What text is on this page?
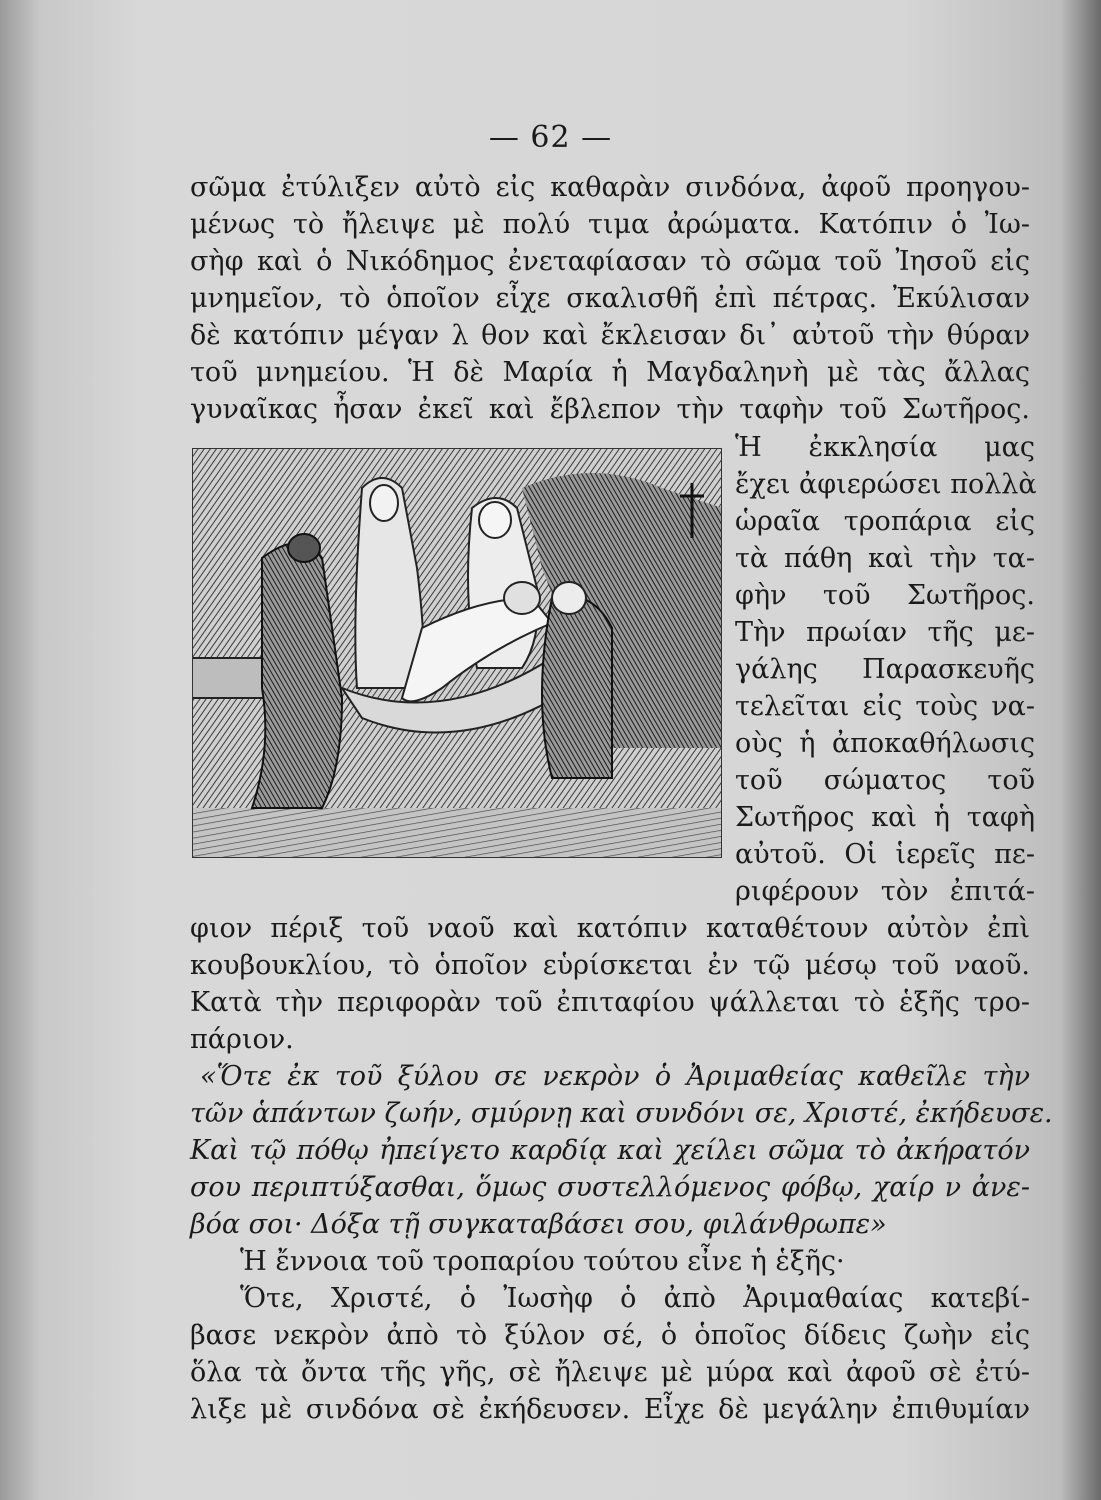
— 62 —
σῶμα ἐτύλιξεν αὐτὸ εἰς καθαρὰν σινδόνα, ἀφοῦ προηγου-
μένως τὸ ἤλειψε μὲ πολύ τιμα ἀρώματα. Κατόπιν ὁ Ἰω-
σὴφ καὶ ὁ Νικόδημος ἐνεταφίασαν τὸ σῶμα τοῦ Ἰησοῦ εἰς
μνημεῖον, τὸ ὁποῖον εἶχε σκαλισθῆ ἐπὶ πέτρας. Ἐκύλισαν
δὲ κατόπιν μέγαν λ θον καὶ ἔκλεισαν δι᾿ αὐτοῦ τὴν θύραν
τοῦ μνημείου. Ἡ δὲ Μαρία ἡ Μαγδαληνὴ μὲ τὰς ἄλλας
γυναῖκας ἦσαν ἐκεῖ καὶ ἔβλεπον τὴν ταφὴν τοῦ Σωτῆρος.
Ἡ ἐκκλησία μας
ἔχει ἀφιερώσει πολλὰ
ὡραῖα τροπάρια εἰς
τὰ πάθη καὶ τὴν τα-
φὴν τοῦ Σωτῆρος.
Τὴν πρωίαν τῆς με-
γάλης Παρασκευῆς
τελεῖται εἰς τοὺς να-
οὺς ἡ ἀποκαθήλωσις
τοῦ σώματος τοῦ
Σωτῆρος καὶ ἡ ταφὴ
αὐτοῦ. Οἱ ἱερεῖς πε-
ριφέρουν τὸν ἐπιτά-
φιον πέριξ τοῦ ναοῦ καὶ κατόπιν καταθέτουν αὐτὸν ἐπὶ
κουβουκλίου, τὸ ὁποῖον εὑρίσκεται ἐν τῷ μέσῳ τοῦ ναοῦ.
Κατὰ τὴν περιφορὰν τοῦ ἐπιταφίου ψάλλεται τὸ ἑξῆς τρο-
πάριον.
«Ὅτε ἐκ τοῦ ξύλου σε νεκρὸν ὁ Ἀριμαθείας καθεῖλε τὴν
τῶν ἁπάντων ζωήν, σμύρνῃ καὶ συνδόνι σε, Χριστέ, ἐκήδευσε.
Καὶ τῷ πόθῳ ἠπείγετο καρδίᾳ καὶ χείλει σῶμα τὸ ἀκήρατόν
σου περιπτύξασθαι, ὅμως συστελλόμενος φόβῳ, χαίρ ν ἀνε-
βόα σοι· Δόξα τῇ συγκαταβάσει σου, φιλάνθρωπε»
Ἡ ἔννοια τοῦ τροπαρίου τούτου εἶνε ἡ ἑξῆς·
Ὅτε, Χριστέ, ὁ Ἰωσὴφ ὁ ἀπὸ Ἀριμαθαίας κατεβί-
βασε νεκρὸν ἀπὸ τὸ ξύλον σέ, ὁ ὁποῖος δίδεις ζωὴν εἰς
ὅλα τὰ ὄντα τῆς γῆς, σὲ ἤλειψε μὲ μύρα καὶ ἀφοῦ σὲ ἐτύ-
λιξε μὲ σινδόνα σὲ ἐκήδευσεν. Εἶχε δὲ μεγάλην ἐπιθυμίαν
